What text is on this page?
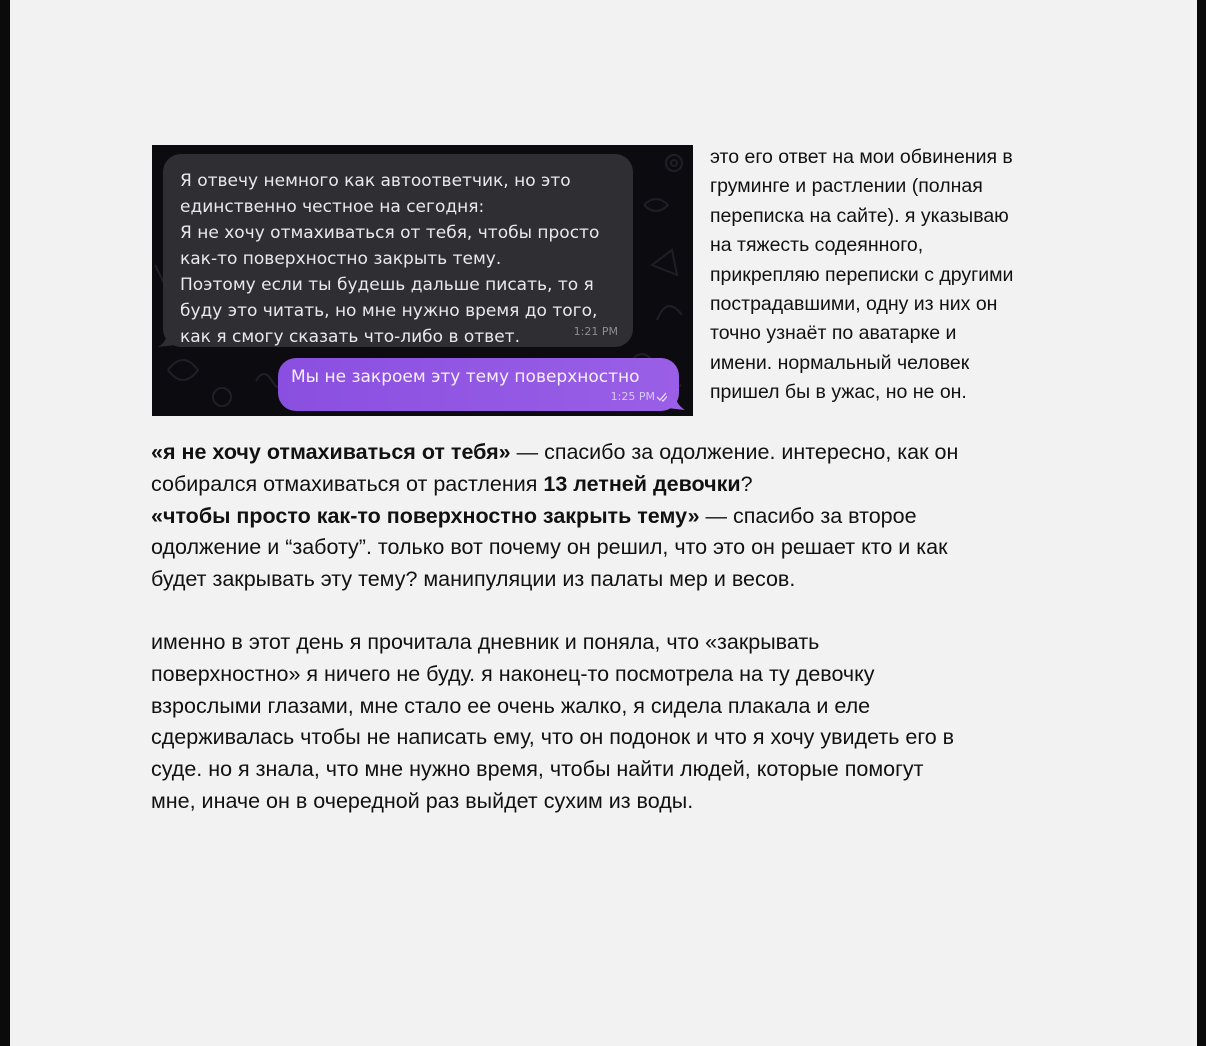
Я отвечу немного как автоответчик, но это
единственно честное на сегодня:
Я не хочу отмахиваться от тебя, чтобы просто
как-то поверхностно закрыть тему.
Поэтому если ты будешь дальше писать, то я
буду это читать, но мне нужно время до того,
как я смогу сказать что-либо в ответ.	1:21 PM
Мы не закроем эту тему поверхностно
1:25 PM
это его ответ на мои обвинения в
груминге и растлении (полная
переписка на сайте). я указываю
на тяжесть содеянного,
прикрепляю переписки с другими
пострадавшими, одну из них он
точно узнаёт по аватарке и
имени. нормальный человек
пришел бы в ужас, но не он.
«я не хочу отмахиваться от тебя» — спасибо за одолжение. интересно, как он
собирался отмахиваться от растления 13 летней девочки?
«чтобы просто как-то поверхностно закрыть тему» — спасибо за второе
одолжение и “заботу”. только вот почему он решил, что это он решает кто и как
будет закрывать эту тему? манипуляции из палаты мер и весов.
именно в этот день я прочитала дневник и поняла, что «закрывать
поверхностно» я ничего не буду. я наконец-то посмотрела на ту девочку
взрослыми глазами, мне стало ее очень жалко, я сидела плакала и еле
сдерживалась чтобы не написать ему, что он подонок и что я хочу увидеть его в
суде. но я знала, что мне нужно время, чтобы найти людей, которые помогут
мне, иначе он в очередной раз выйдет сухим из воды.
